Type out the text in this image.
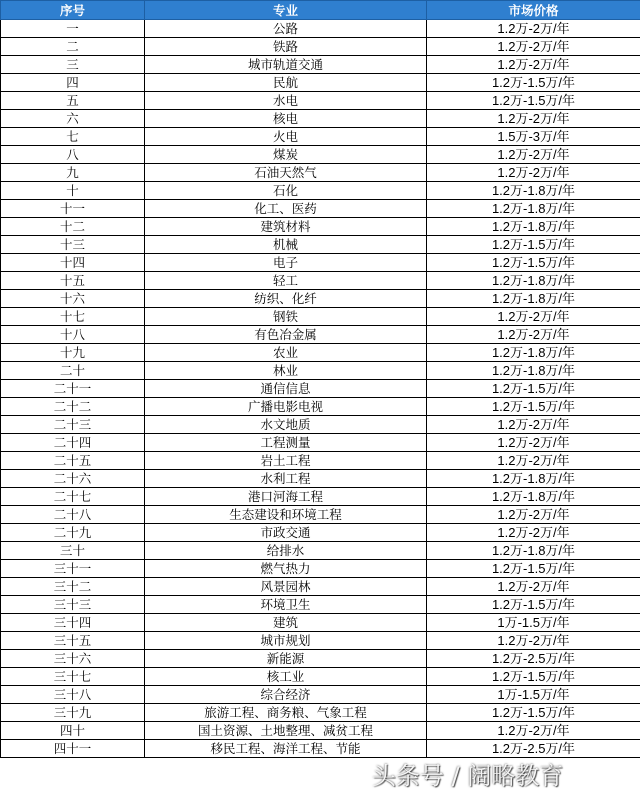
序号	专业	市场价格
一	公路	1.2万-2万/年
二	铁路	1.2万-2万/年
三	城市轨道交通	1.2万-2万/年
四	民航	1.2万-1.5万/年
五	水电	1.2万-1.5万/年
六	核电	1.2万-2万/年
七	火电	1.5万-3万/年
八	煤炭	1.2万-2万/年
九	石油天然气	1.2万-2万/年
十	石化	1.2万-1.8万/年
十一	化工、医药	1.2万-1.8万/年
十二	建筑材料	1.2万-1.8万/年
十三	机械	1.2万-1.5万/年
十四	电子	1.2万-1.5万/年
十五	轻工	1.2万-1.8万/年
十六	纺织、化纤	1.2万-1.8万/年
十七	钢铁	1.2万-2万/年
十八	有色冶金属	1.2万-2万/年
十九	农业	1.2万-1.8万/年
二十	林业	1.2万-1.8万/年
二十一	通信信息	1.2万-1.5万/年
二十二	广播电影电视	1.2万-1.5万/年
二十三	水文地质	1.2万-2万/年
二十四	工程测量	1.2万-2万/年
二十五	岩土工程	1.2万-2万/年
二十六	水利工程	1.2万-1.8万/年
二十七	港口河海工程	1.2万-1.8万/年
二十八	生态建设和环境工程	1.2万-2万/年
二十九	市政交通	1.2万-2万/年
三十	给排水	1.2万-1.8万/年
三十一	燃气热力	1.2万-1.5万/年
三十二	风景园林	1.2万-2万/年
三十三	环境卫生	1.2万-1.5万/年
三十四	建筑	1万-1.5万/年
三十五	城市规划	1.2万-2万/年
三十六	新能源	1.2万-2.5万/年
三十七	核工业	1.2万-1.5万/年
三十八	综合经济	1万-1.5万/年
三十九	旅游工程、商务粮、气象工程	1.2万-1.5万/年
四十	国土资源、土地整理、减贫工程	1.2万-2万/年
四十一	移民工程、海洋工程、节能	1.2万-2.5万/年
头条号 / 阔略教育
